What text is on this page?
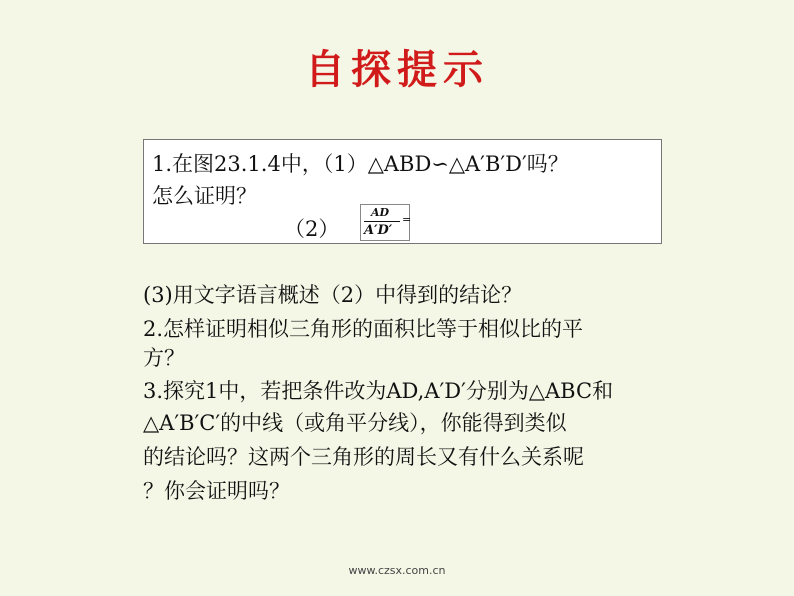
自探提示
1.在图23.1.4中，（1）△ABD∽△A′B′D′吗？
怎么证明？
（2）
AD
A′D′
=
(3)用文字语言概述（2）中得到的结论？
2.怎样证明相似三角形的面积比等于相似比的平
方？
3.探究1中，若把条件改为AD,A′D′分别为△ABC和
△A′B′C′的中线（或角平分线），你能得到类似
的结论吗？这两个三角形的周长又有什么关系呢
？你会证明吗？
www.czsx.com.cn
